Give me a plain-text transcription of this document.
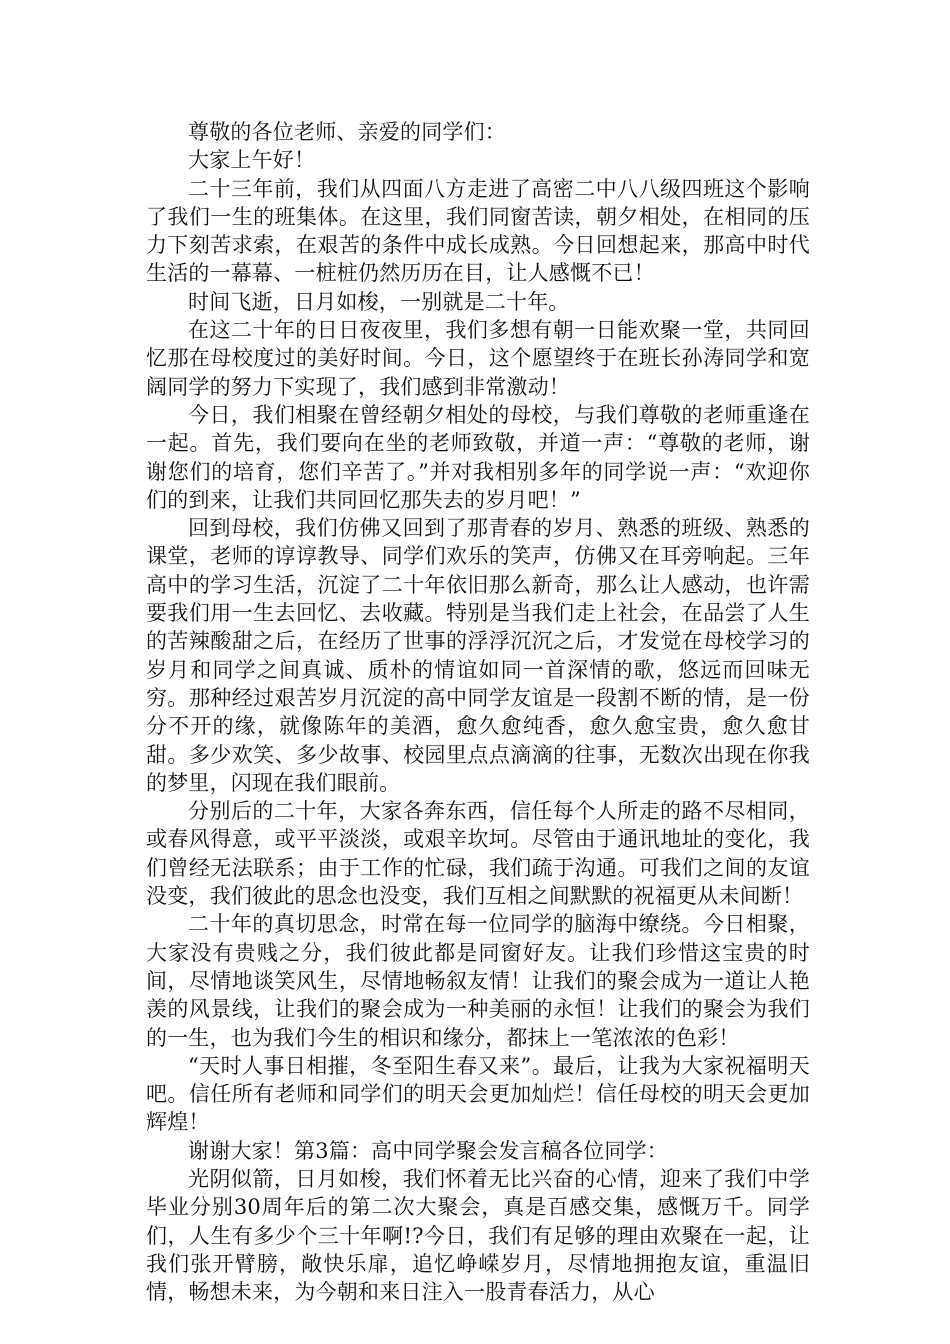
尊敬的各位老师、亲爱的同学们：

大家上午好！

二十三年前，我们从四面八方走进了高密二中八八级四班这个影响了我们一生的班集体。在这里，我们同窗苦读，朝夕相处，在相同的压力下刻苦求索，在艰苦的条件中成长成熟。今日回想起来，那高中时代生活的一幕幕、一桩桩仍然历历在目，让人感慨不已！

时间飞逝，日月如梭，一别就是二十年。

在这二十年的日日夜夜里，我们多想有朝一日能欢聚一堂，共同回忆那在母校度过的美好时间。今日，这个愿望终于在班长孙涛同学和宽阔同学的努力下实现了，我们感到非常激动！

今日，我们相聚在曾经朝夕相处的母校，与我们尊敬的老师重逢在一起。首先，我们要向在坐的老师致敬，并道一声：“尊敬的老师，谢谢您们的培育，您们辛苦了。”并对我相别多年的同学说一声：“欢迎你们的到来，让我们共同回忆那失去的岁月吧！”

回到母校，我们仿佛又回到了那青春的岁月、熟悉的班级、熟悉的课堂，老师的谆谆教导、同学们欢乐的笑声，仿佛又在耳旁响起。三年高中的学习生活，沉淀了二十年依旧那么新奇，那么让人感动，也许需要我们用一生去回忆、去收藏。特别是当我们走上社会，在品尝了人生的苦辣酸甜之后，在经历了世事的浮浮沉沉之后，才发觉在母校学习的岁月和同学之间真诚、质朴的情谊如同一首深情的歌，悠远而回味无穷。那种经过艰苦岁月沉淀的高中同学友谊是一段割不断的情，是一份分不开的缘，就像陈年的美酒，愈久愈纯香，愈久愈宝贵，愈久愈甘甜。多少欢笑、多少故事、校园里点点滴滴的往事，无数次出现在你我的梦里，闪现在我们眼前。

分别后的二十年，大家各奔东西，信任每个人所走的路不尽相同，或春风得意，或平平淡淡，或艰辛坎坷。尽管由于通讯地址的变化，我们曾经无法联系；由于工作的忙碌，我们疏于沟通。可我们之间的友谊没变，我们彼此的思念也没变，我们互相之间默默的祝福更从未间断！

二十年的真切思念，时常在每一位同学的脑海中缭绕。今日相聚，大家没有贵贱之分，我们彼此都是同窗好友。让我们珍惜这宝贵的时间，尽情地谈笑风生，尽情地畅叙友情！让我们的聚会成为一道让人艳羡的风景线，让我们的聚会成为一种美丽的永恒！让我们的聚会为我们的一生，也为我们今生的相识和缘分，都抹上一笔浓浓的色彩！

“天时人事日相摧，冬至阳生春又来”。最后，让我为大家祝福明天吧。信任所有老师和同学们的明天会更加灿烂！信任母校的明天会更加辉煌！

谢谢大家！第3篇：高中同学聚会发言稿各位同学：

光阴似箭，日月如梭，我们怀着无比兴奋的心情，迎来了我们中学毕业分别30周年后的第二次大聚会，真是百感交集，感慨万千。同学们，人生有多少个三十年啊!?今日，我们有足够的理由欢聚在一起，让我们张开臂膀，敞快乐扉，追忆峥嵘岁月，尽情地拥抱友谊，重温旧情，畅想未来，为今朝和来日注入一股青春活力，从心
